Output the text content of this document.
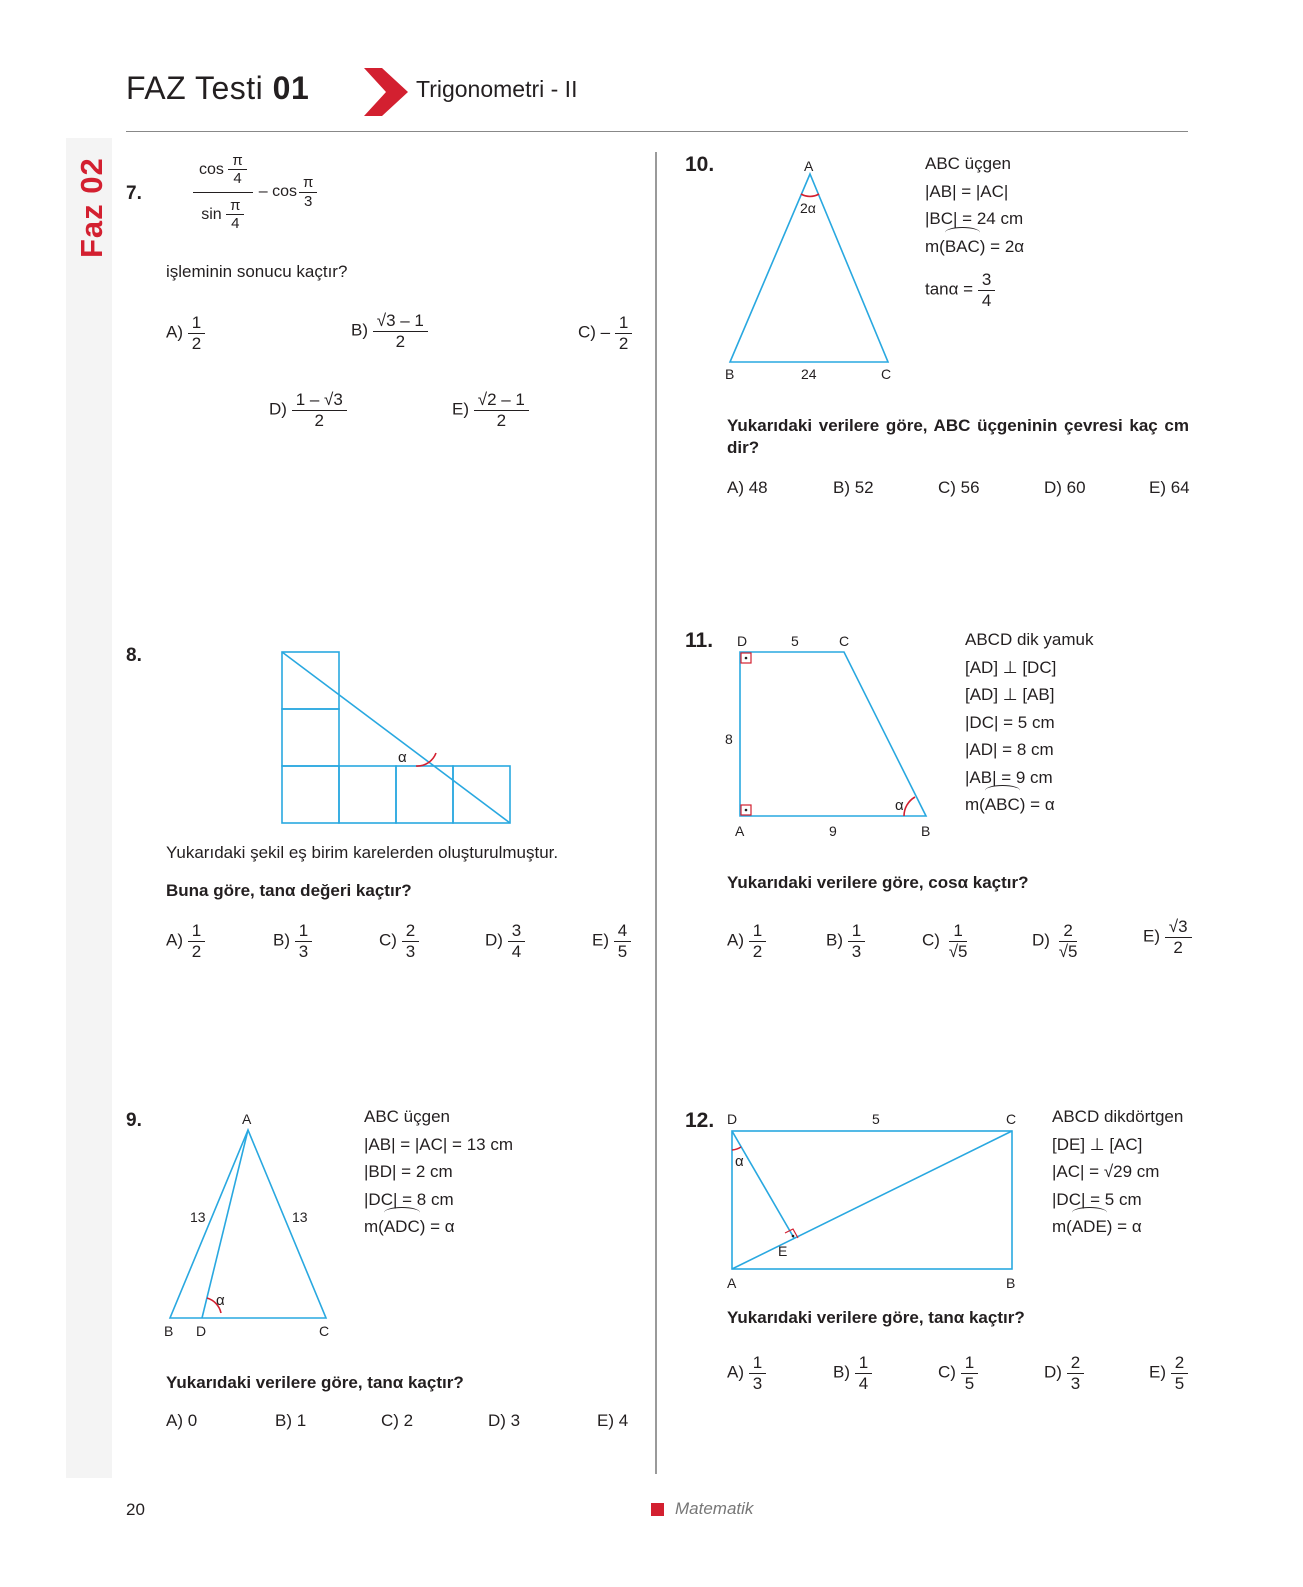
FAZ Testi 01	Trigonometri - II
Faz 02 7.	$\frac{\cos \frac{\pi}{4}}{\sin \frac{\pi}{4}}$ – $\cos \frac{\pi}{3}$
işleminin sonucu kaçtır?
$A) \frac{1}{2}$	$B) \frac{√3 - 1}{2}$	$C) - \frac{1}{2}$
$D) \frac{1 - √3}{2}$	$E) \frac{√2 - 1}{2}$
8.
α
Yukarıdaki şekil eş birim karelerden oluşturulmuştur.
Buna göre, tanα değeri kaçtır?
$A) \frac{1}{2}$	$B) \frac{1}{3}$	$C) \frac{2}{3}$	$D) \frac{3}{4}$	$E) \frac{4}{5}$
9.	A
B D	C
13	13
α
ABC üçgen
|AB| = |AC| = 13 cm
|BD| = 2 cm
|DC| = 8 cm
m(ADC) = α
Yukarıdaki verilere göre, tanα kaçtır?
A) 0	B) 1	C) 2	D) 3	E) 4
10.	A
2α
B	24	C
ABC üçgen
|AB| = |AC|
|BC| = 24 cm
m(BAC) = 2α
$\tan\alpha = \frac{3}{4}$
Yukarıdaki verilere göre, ABC üçgeninin çevresi kaç cm dir?
A) 48	B) 52	C) 56	D) 60	E) 64
11. D	5	C
8
A	9	B
α
ABCD dik yamuk
[AD] ⊥ [DC]
[AD] ⊥ [AB]
|DC| = 5 cm
|AD| = 8 cm
|AB| = 9 cm
m(ABC) = α
Yukarıdaki verilere göre, cosα kaçtır?
$A) \frac{1}{2}$	$B) \frac{1}{3}$	$C) \frac{1}{√5}$	$D) \frac{2}{√5}$	$E) \frac{√3}{2}$
12. D	5	C
α
E
A	B
ABCD dikdörtgen
[DE] ⊥ [AC]
|AC| = √29 cm
|DC| = 5 cm
m(ADE) = α
Yukarıdaki verilere göre, tanα kaçtır?
$A) \frac{1}{3}$	$B) \frac{1}{4}$	$C) \frac{1}{5}$	$D) \frac{2}{3}$	$E) \frac{2}{5}$
20	Matematik
